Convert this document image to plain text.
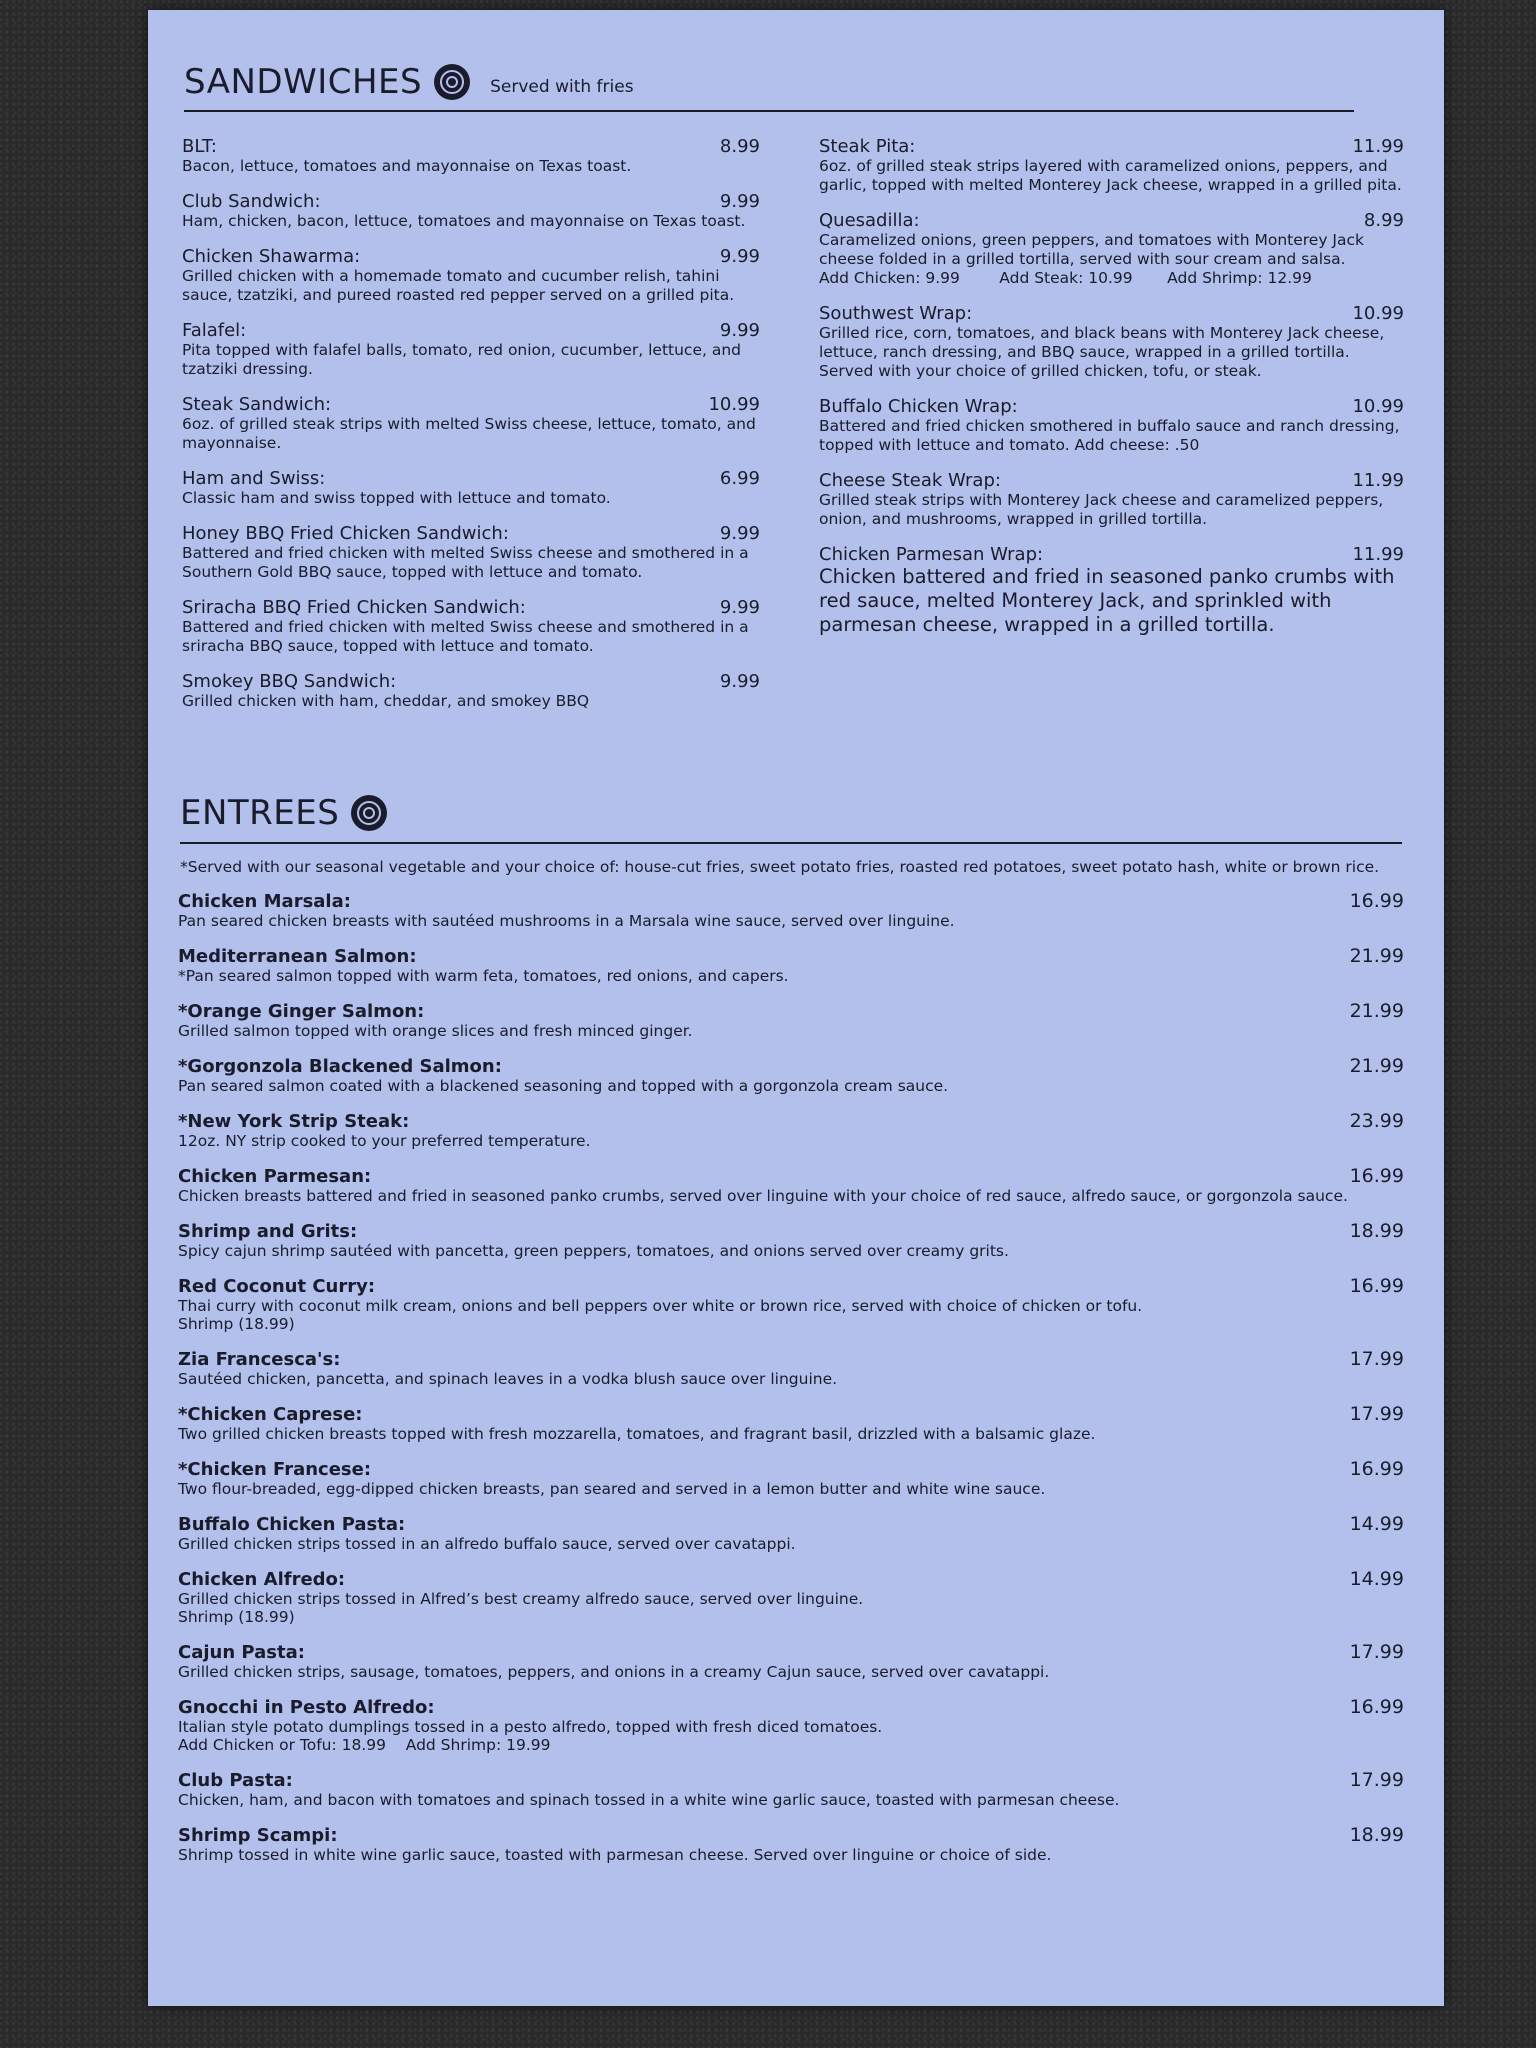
SANDWICHES	Served with fries
BLT:	8.99
Bacon, lettuce, tomatoes and mayonnaise on Texas toast.
Club Sandwich:	9.99
Ham, chicken, bacon, lettuce, tomatoes and mayonnaise on Texas toast.
Chicken Shawarma:	9.99
Grilled chicken with a homemade tomato and cucumber relish, tahini sauce, tzatziki, and pureed roasted red pepper served on a grilled pita.
Falafel:	9.99
Pita topped with falafel balls, tomato, red onion, cucumber, lettuce, and tzatziki dressing.
Steak Sandwich:	10.99
6oz. of grilled steak strips with melted Swiss cheese, lettuce, tomato, and mayonnaise.
Ham and Swiss:	6.99
Classic ham and swiss topped with lettuce and tomato.
Honey BBQ Fried Chicken Sandwich:	9.99
Battered and fried chicken with melted Swiss cheese and smothered in a Southern Gold BBQ sauce, topped with lettuce and tomato.
Sriracha BBQ Fried Chicken Sandwich:	9.99
Battered and fried chicken with melted Swiss cheese and smothered in a sriracha BBQ sauce, topped with lettuce and tomato.
Smokey BBQ Sandwich:	9.99
Grilled chicken with ham, cheddar, and smokey BBQ
Steak Pita:	11.99
6oz. of grilled steak strips layered with caramelized onions, peppers, and garlic, topped with melted Monterey Jack cheese, wrapped in a grilled pita.
Quesadilla:	8.99
Caramelized onions, green peppers, and tomatoes with Monterey Jack cheese folded in a grilled tortilla, served with sour cream and salsa.
Add Chicken: 9.99        Add Steak: 10.99       Add Shrimp: 12.99
Southwest Wrap:	10.99
Grilled rice, corn, tomatoes, and black beans with Monterey Jack cheese, lettuce, ranch dressing, and BBQ sauce, wrapped in a grilled tortilla. Served with your choice of grilled chicken, tofu, or steak.
Buffalo Chicken Wrap:	10.99
Battered and fried chicken smothered in buffalo sauce and ranch dressing, topped with lettuce and tomato. Add cheese: .50
Cheese Steak Wrap:	11.99
Grilled steak strips with Monterey Jack cheese and caramelized peppers, onion, and mushrooms, wrapped in grilled tortilla.
Chicken Parmesan Wrap:	11.99
Chicken battered and fried in seasoned panko crumbs with red sauce, melted Monterey Jack, and sprinkled with parmesan cheese, wrapped in a grilled tortilla.
ENTREES
*Served with our seasonal vegetable and your choice of: house-cut fries, sweet potato fries, roasted red potatoes, sweet potato hash, white or brown rice.
Chicken Marsala:	16.99
Pan seared chicken breasts with sautéed mushrooms in a Marsala wine sauce, served over linguine.
Mediterranean Salmon:	21.99
*Pan seared salmon topped with warm feta, tomatoes, red onions, and capers.
*Orange Ginger Salmon:	21.99
Grilled salmon topped with orange slices and fresh minced ginger.
*Gorgonzola Blackened Salmon:	21.99
Pan seared salmon coated with a blackened seasoning and topped with a gorgonzola cream sauce.
*New York Strip Steak:	23.99
12oz. NY strip cooked to your preferred temperature.
Chicken Parmesan:	16.99
Chicken breasts battered and fried in seasoned panko crumbs, served over linguine with your choice of red sauce, alfredo sauce, or gorgonzola sauce.
Shrimp and Grits:	18.99
Spicy cajun shrimp sautéed with pancetta, green peppers, tomatoes, and onions served over creamy grits.
Red Coconut Curry:	16.99
Thai curry with coconut milk cream, onions and bell peppers over white or brown rice, served with choice of chicken or tofu.
Shrimp (18.99)
Zia Francesca's:	17.99
Sautéed chicken, pancetta, and spinach leaves in a vodka blush sauce over linguine.
*Chicken Caprese:	17.99
Two grilled chicken breasts topped with fresh mozzarella, tomatoes, and fragrant basil, drizzled with a balsamic glaze.
*Chicken Francese:	16.99
Two flour-breaded, egg-dipped chicken breasts, pan seared and served in a lemon butter and white wine sauce.
Buffalo Chicken Pasta:	14.99
Grilled chicken strips tossed in an alfredo buffalo sauce, served over cavatappi.
Chicken Alfredo:	14.99
Grilled chicken strips tossed in Alfred’s best creamy alfredo sauce, served over linguine.
Shrimp (18.99)
Cajun Pasta:	17.99
Grilled chicken strips, sausage, tomatoes, peppers, and onions in a creamy Cajun sauce, served over cavatappi.
Gnocchi in Pesto Alfredo:	16.99
Italian style potato dumplings tossed in a pesto alfredo, topped with fresh diced tomatoes.
Add Chicken or Tofu: 18.99    Add Shrimp: 19.99
Club Pasta:	17.99
Chicken, ham, and bacon with tomatoes and spinach tossed in a white wine garlic sauce, toasted with parmesan cheese.
Shrimp Scampi:	18.99
Shrimp tossed in white wine garlic sauce, toasted with parmesan cheese. Served over linguine or choice of side.
